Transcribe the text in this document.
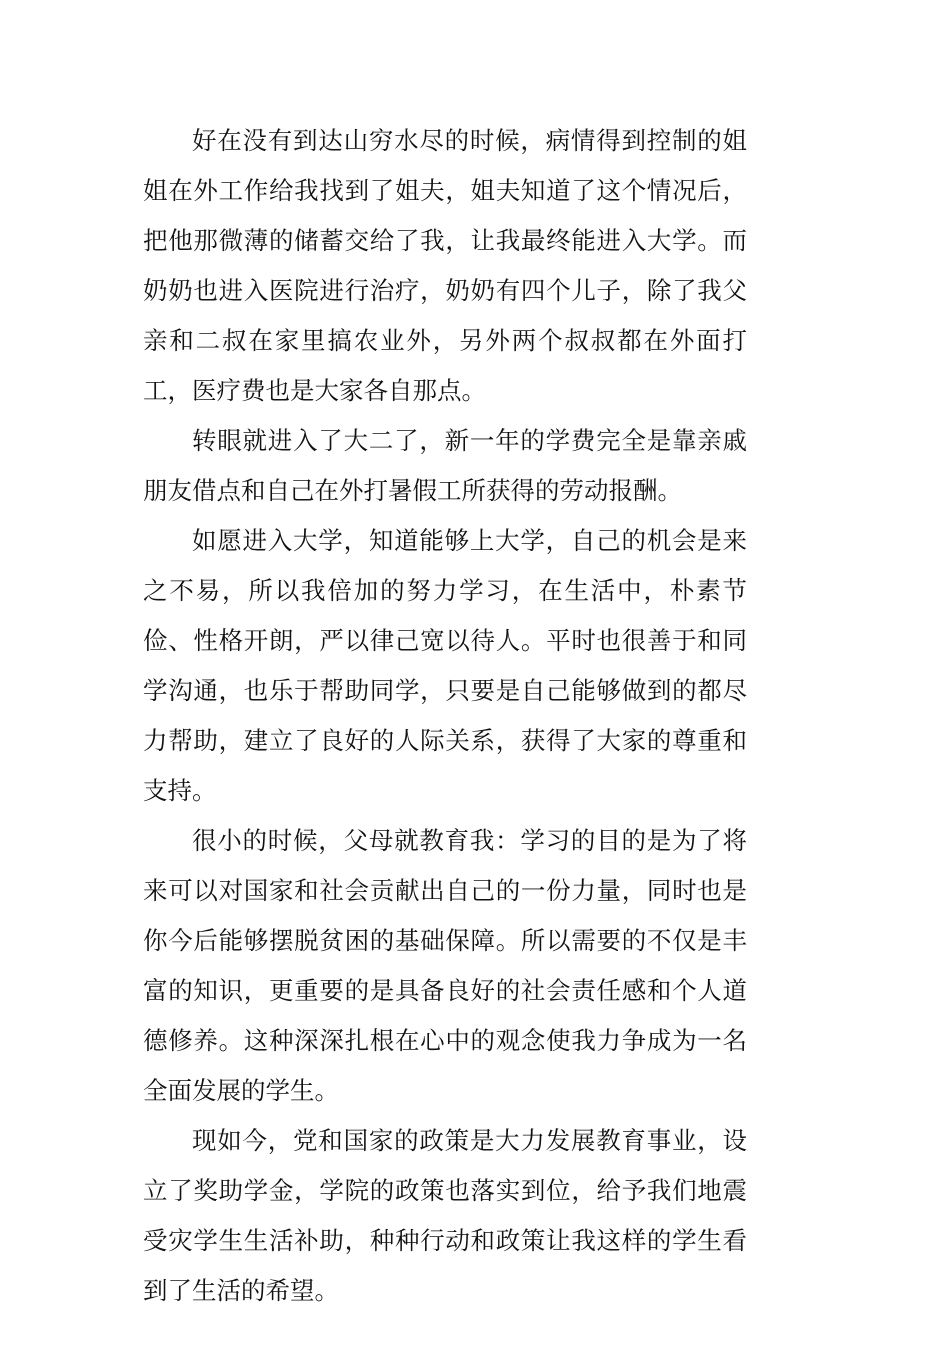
好在没有到达山穷水尽的时候，病情得到控制的姐姐在外工作给我找到了姐夫，姐夫知道了这个情况后，把他那微薄的储蓄交给了我，让我最终能进入大学。而奶奶也进入医院进行治疗，奶奶有四个儿子，除了我父亲和二叔在家里搞农业外，另外两个叔叔都在外面打工，医疗费也是大家各自那点。

转眼就进入了大二了，新一年的学费完全是靠亲戚朋友借点和自己在外打暑假工所获得的劳动报酬。

如愿进入大学，知道能够上大学，自己的机会是来之不易，所以我倍加的努力学习，在生活中，朴素节俭、性格开朗，严以律己宽以待人。平时也很善于和同学沟通，也乐于帮助同学，只要是自己能够做到的都尽力帮助，建立了良好的人际关系，获得了大家的尊重和支持。

很小的时候，父母就教育我：学习的目的是为了将来可以对国家和社会贡献出自己的一份力量，同时也是你今后能够摆脱贫困的基础保障。所以需要的不仅是丰富的知识，更重要的是具备良好的社会责任感和个人道德修养。这种深深扎根在心中的观念使我力争成为一名全面发展的学生。

现如今，党和国家的政策是大力发展教育事业，设立了奖助学金，学院的政策也落实到位，给予我们地震受灾学生生活补助，种种行动和政策让我这样的学生看到了生活的希望。
